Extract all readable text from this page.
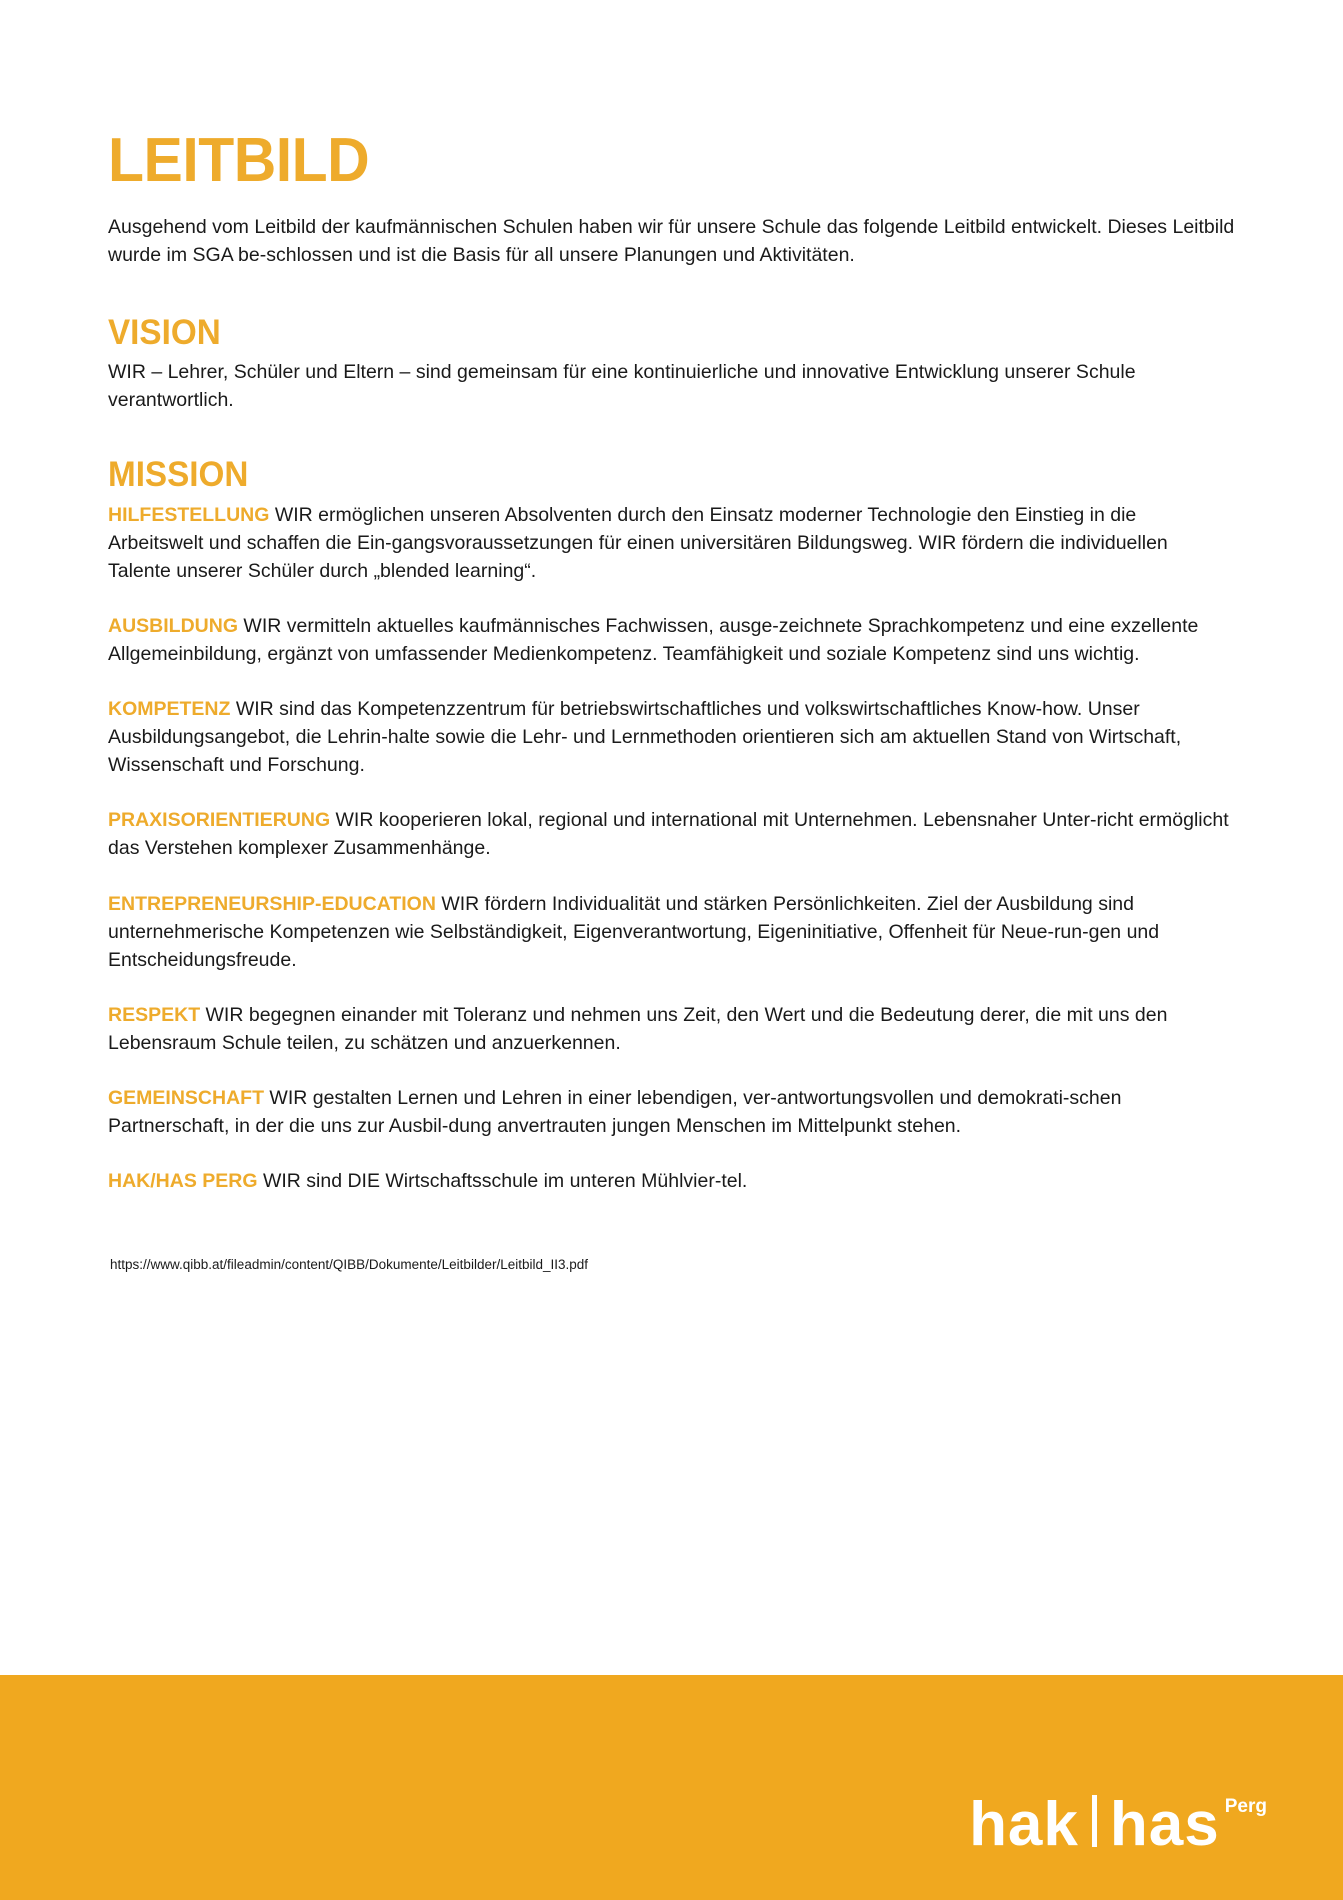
LEITBILD

Ausgehend vom Leitbild der kaufmännischen Schulen haben wir für unsere Schule das folgende Leitbild entwickelt. Dieses Leitbild wurde im SGA be-schlossen und ist die Basis für all unsere Planungen und Aktivitäten.

VISION

WIR – Lehrer, Schüler und Eltern – sind gemeinsam für eine kontinuierliche und innovative Entwicklung unserer Schule verantwortlich.

MISSION

HILFESTELLUNG WIR ermöglichen unseren Absolventen durch den Einsatz moderner Technologie den Einstieg in die Arbeitswelt und schaffen die Ein-gangsvoraussetzungen für einen universitären Bildungsweg. WIR fördern die individuellen Talente unserer Schüler durch „blended learning“.

AUSBILDUNG WIR vermitteln aktuelles kaufmännisches Fachwissen, ausge-zeichnete Sprachkompetenz und eine exzellente Allgemeinbildung, ergänzt von umfassender Medienkompetenz. Teamfähigkeit und soziale Kompetenz sind uns wichtig.

KOMPETENZ WIR sind das Kompetenzzentrum für betriebswirtschaftliches und volkswirtschaftliches Know-how. Unser Ausbildungsangebot, die Lehrin-halte sowie die Lehr- und Lernmethoden orientieren sich am aktuellen Stand von Wirtschaft, Wissenschaft und Forschung.

PRAXISORIENTIERUNG WIR kooperieren lokal, regional und international mit Unternehmen. Lebensnaher Unter-richt ermöglicht das Verstehen komplexer Zusammenhänge.

ENTREPRENEURSHIP-EDUCATION WIR fördern Individualität und stärken Persönlichkeiten. Ziel der Ausbildung sind unternehmerische Kompetenzen wie Selbständigkeit, Eigenverantwortung, Eigeninitiative, Offenheit für Neue-run-gen und Entscheidungsfreude.

RESPEKT WIR begegnen einander mit Toleranz und nehmen uns Zeit, den Wert und die Bedeutung derer, die mit uns den Lebensraum Schule teilen, zu schätzen und anzuerkennen.

GEMEINSCHAFT WIR gestalten Lernen und Lehren in einer lebendigen, ver-antwortungsvollen und demokrati-schen Partnerschaft, in der die uns zur Ausbil-dung anvertrauten jungen Menschen im Mittelpunkt stehen.

HAK/HAS PERG WIR sind DIE Wirtschaftsschule im unteren Mühlvier-tel.

https://www.qibb.at/fileadmin/content/QIBB/Dokumente/Leitbilder/Leitbild_II3.pdf
hak has Perg
